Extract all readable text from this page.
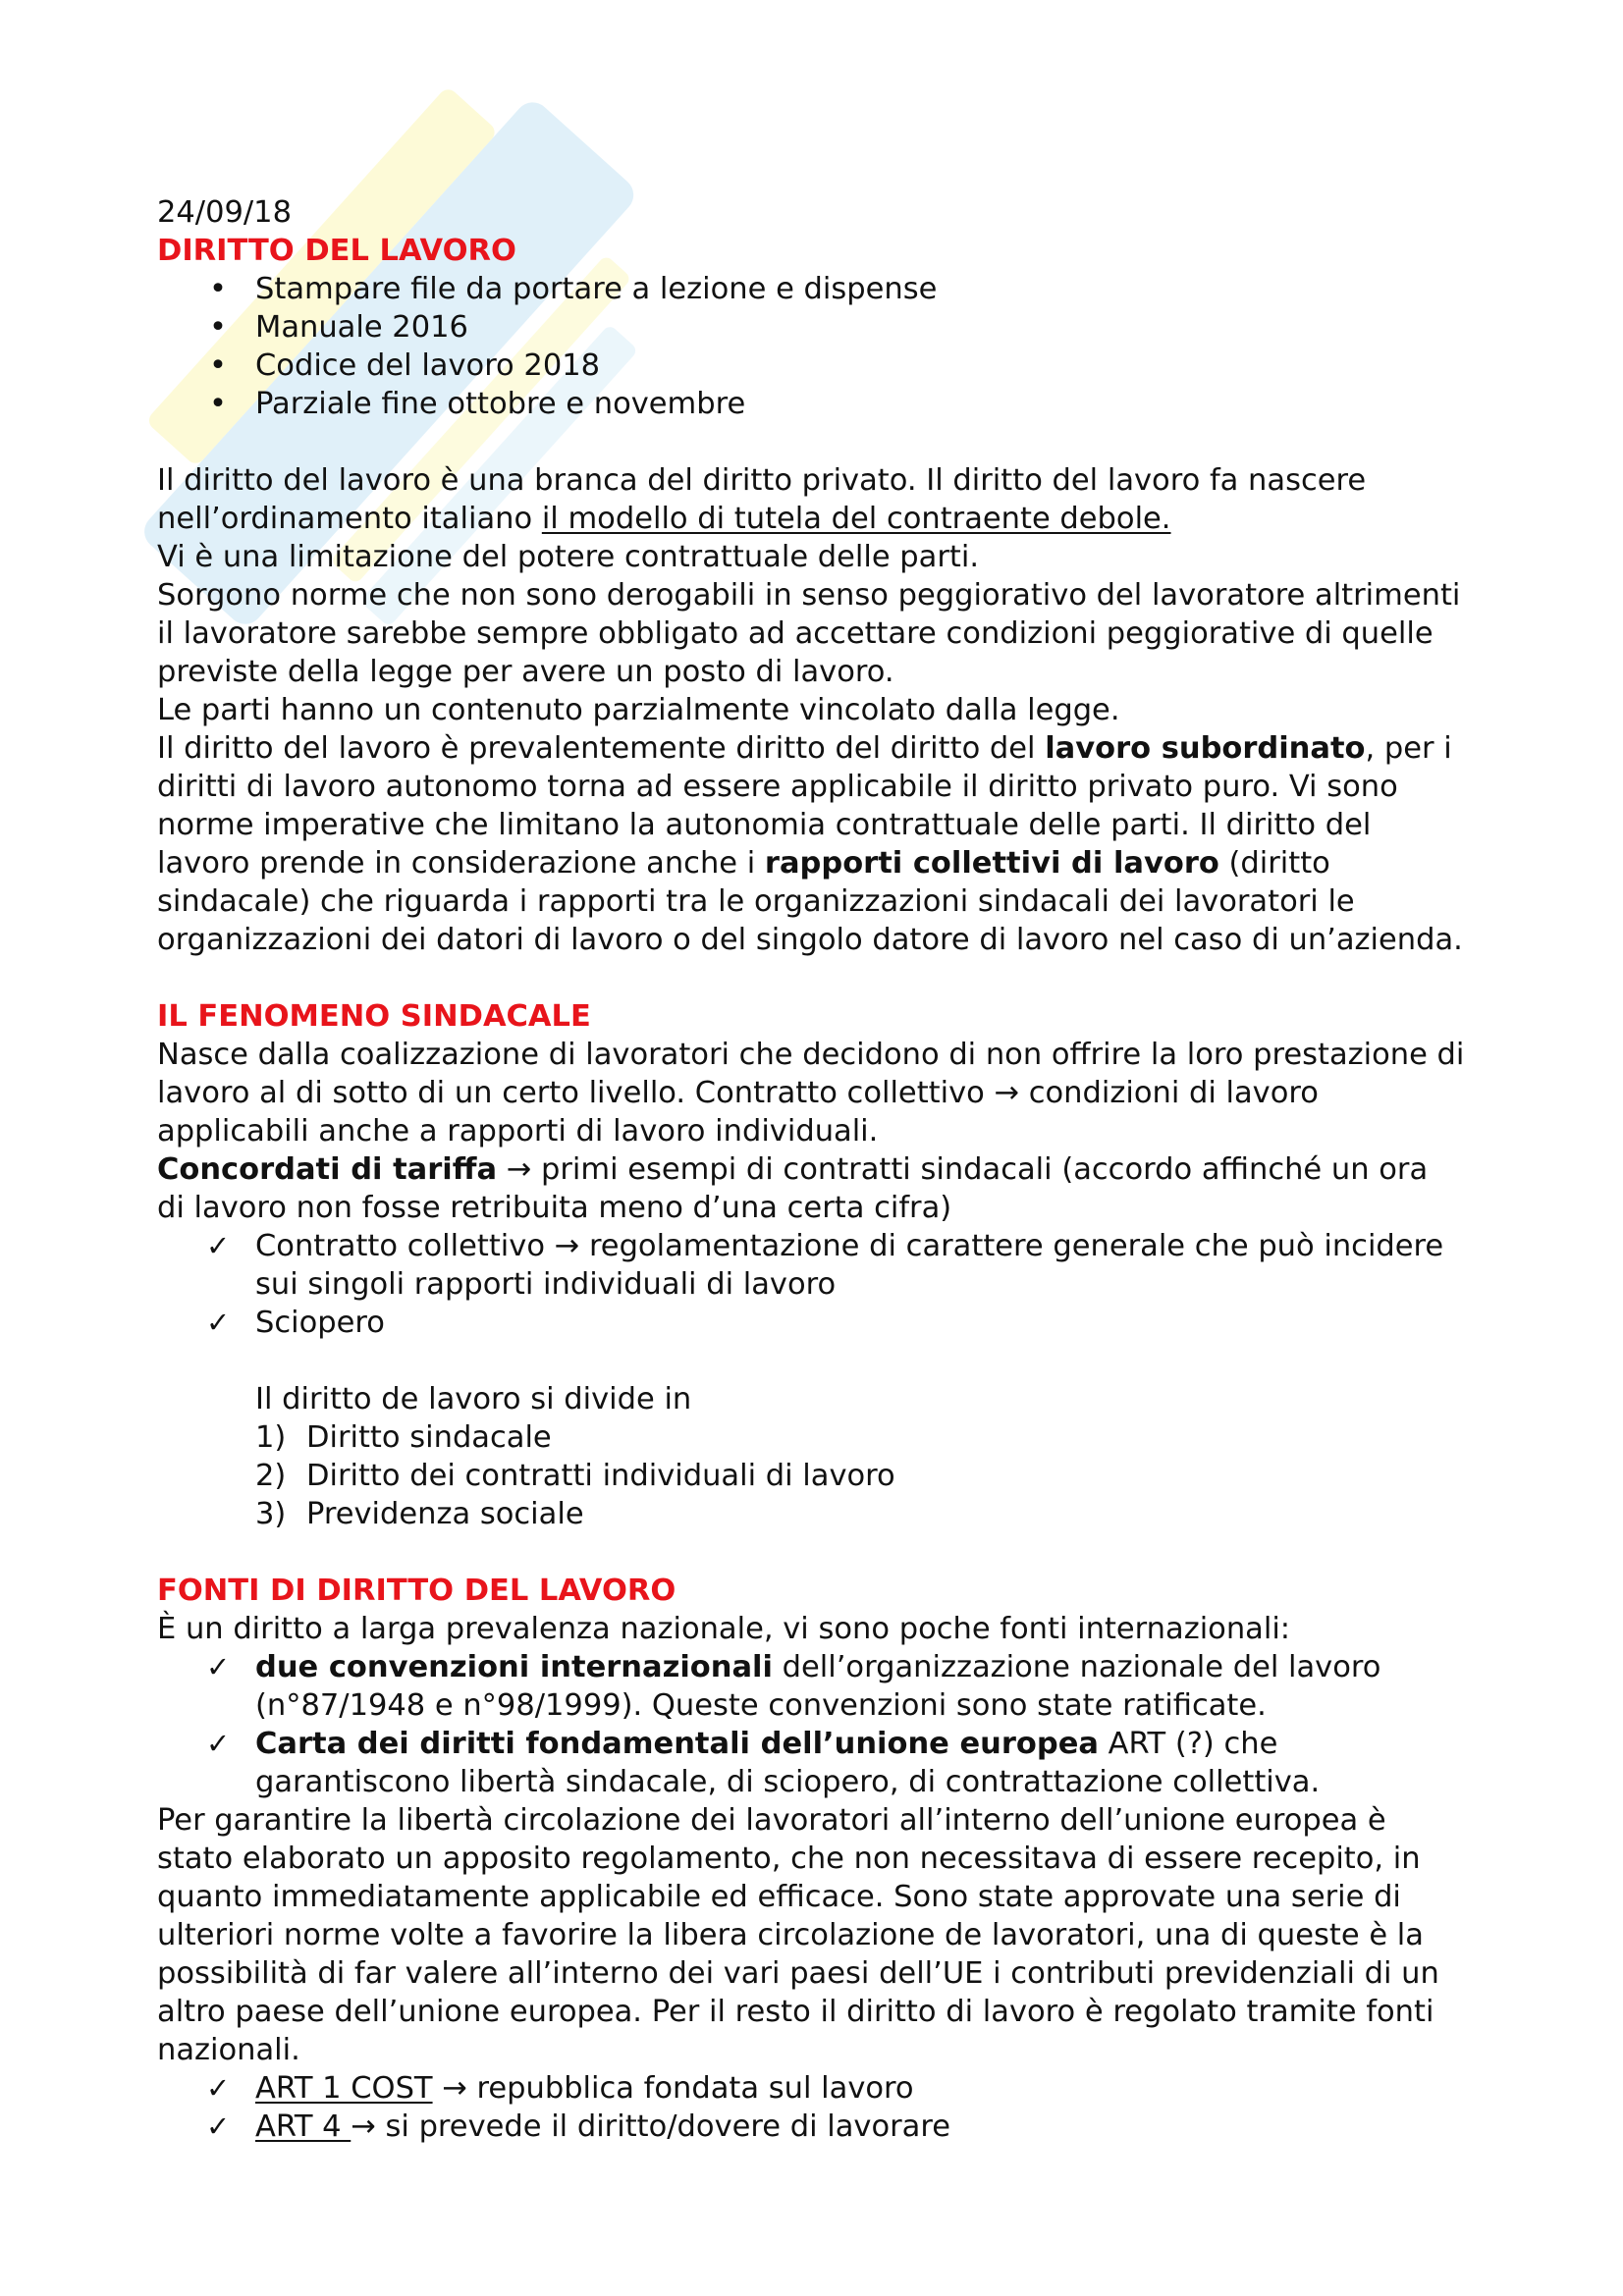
24/09/18

DIRITTO DEL LAVORO

• Stampare file da portare a lezione e dispense
• Manuale 2016
• Codice del lavoro 2018
• Parziale fine ottobre e novembre

Il diritto del lavoro è una branca del diritto privato. Il diritto del lavoro fa nascere

nell’ordinamento italiano il modello di tutela del contraente debole.

Vi è una limitazione del potere contrattuale delle parti.

Sorgono norme che non sono derogabili in senso peggiorativo del lavoratore altrimenti

il lavoratore sarebbe sempre obbligato ad accettare condizioni peggiorative di quelle

previste della legge per avere un posto di lavoro.

Le parti hanno un contenuto parzialmente vincolato dalla legge.

Il diritto del lavoro è prevalentemente diritto del diritto del lavoro subordinato, per i

diritti di lavoro autonomo torna ad essere applicabile il diritto privato puro. Vi sono

norme imperative che limitano la autonomia contrattuale delle parti. Il diritto del

lavoro prende in considerazione anche i rapporti collettivi di lavoro (diritto

sindacale) che riguarda i rapporti tra le organizzazioni sindacali dei lavoratori le

organizzazioni dei datori di lavoro o del singolo datore di lavoro nel caso di un’azienda.

IL FENOMENO SINDACALE

Nasce dalla coalizzazione di lavoratori che decidono di non offrire la loro prestazione di

lavoro al di sotto di un certo livello. Contratto collettivo → condizioni di lavoro

applicabili anche a rapporti di lavoro individuali.

Concordati di tariffa → primi esempi di contratti sindacali (accordo affinché un ora

di lavoro non fosse retribuita meno d’una certa cifra)

✓ Contratto collettivo → regolamentazione di carattere generale che può incidere
sui singoli rapporti individuali di lavoro
✓ Sciopero

Il diritto de lavoro si divide in

1) Diritto sindacale
2) Diritto dei contratti individuali di lavoro
3) Previdenza sociale

FONTI DI DIRITTO DEL LAVORO

È un diritto a larga prevalenza nazionale, vi sono poche fonti internazionali:

✓ due convenzioni internazionali dell’organizzazione nazionale del lavoro
(n°87/1948 e n°98/1999). Queste convenzioni sono state ratificate.
✓ Carta dei diritti fondamentali dell’unione europea ART (?) che
garantiscono libertà sindacale, di sciopero, di contrattazione collettiva.

Per garantire la libertà circolazione dei lavoratori all’interno dell’unione europea è

stato elaborato un apposito regolamento, che non necessitava di essere recepito, in

quanto immediatamente applicabile ed efficace. Sono state approvate una serie di

ulteriori norme volte a favorire la libera circolazione de lavoratori, una di queste è la

possibilità di far valere all’interno dei vari paesi dell’UE i contributi previdenziali di un

altro paese dell’unione europea. Per il resto il diritto di lavoro è regolato tramite fonti

nazionali.

✓ ART 1 COST → repubblica fondata sul lavoro
✓ ART 4 → si prevede il diritto/dovere di lavorare
